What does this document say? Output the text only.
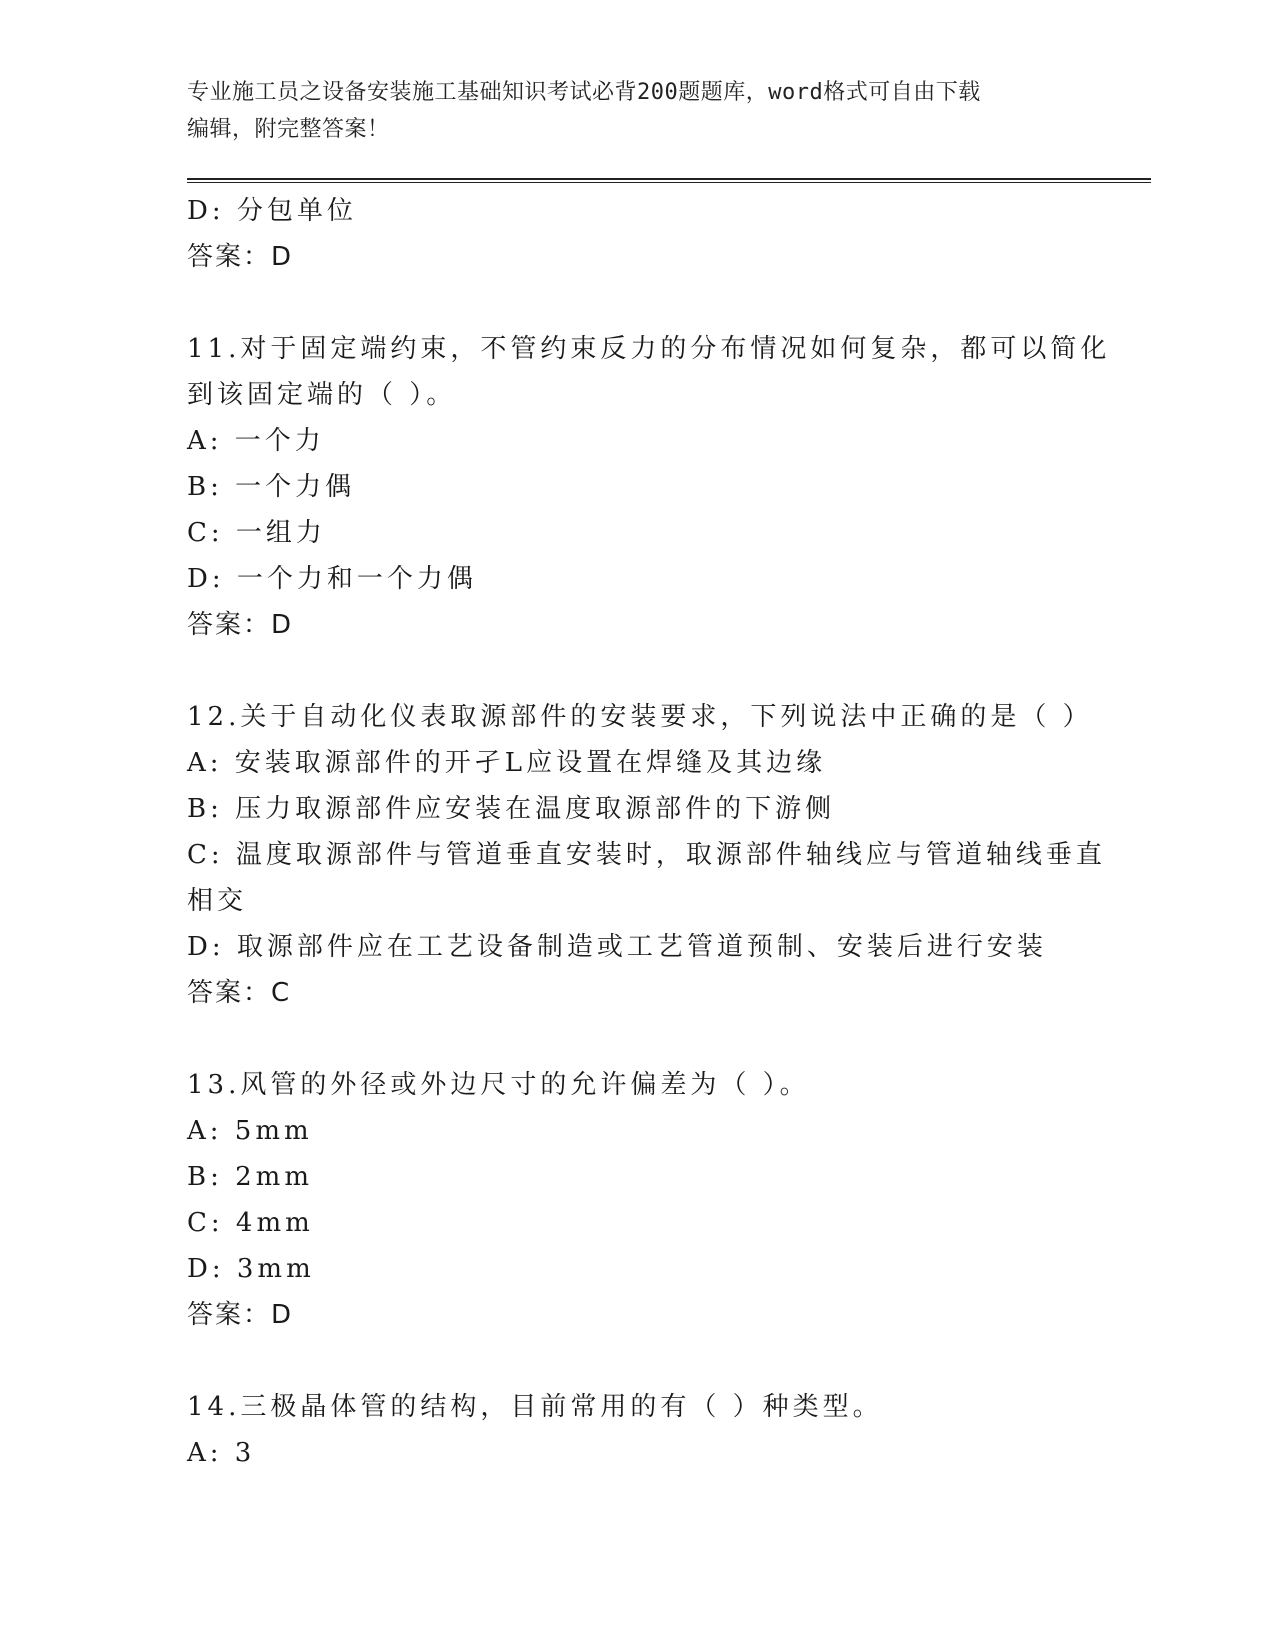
专业施工员之设备安装施工基础知识考试必背200题题库，word格式可自由下载
编辑，附完整答案！
D: 分包单位
答案：D
11.对于固定端约束，不管约束反力的分布情况如何复杂，都可以简化
到该固定端的（ ）。
A: 一个力
B: 一个力偶
C: 一组力
D: 一个力和一个力偶
答案：D
12.关于自动化仪表取源部件的安装要求，下列说法中正确的是（ ）
A: 安装取源部件的开孑L应设置在焊缝及其边缘
B: 压力取源部件应安装在温度取源部件的下游侧
C: 温度取源部件与管道垂直安装时，取源部件轴线应与管道轴线垂直
相交
D: 取源部件应在工艺设备制造或工艺管道预制、安装后进行安装
答案：C
13.风管的外径或外边尺寸的允许偏差为（ ）。
A: 5mm
B: 2mm
C: 4mm
D: 3mm
答案：D
14.三极晶体管的结构，目前常用的有（ ）种类型。
A: 3
